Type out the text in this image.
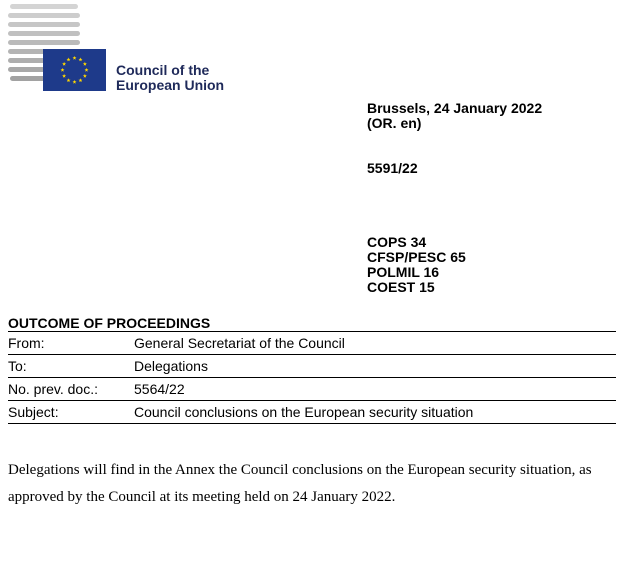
Council of the
European Union
Brussels, 24 January 2022
(OR. en)
5591/22
COPS 34
CFSP/PESC 65
POLMIL 16
COEST 15
OUTCOME OF PROCEEDINGS
From:	General Secretariat of the Council
To:	Delegations
No. prev. doc.:	5564/22
Subject:	Council conclusions on the European security situation

Delegations will find in the Annex the Council conclusions on the European security situation, as approved by the Council at its meeting held on 24 January 2022.
